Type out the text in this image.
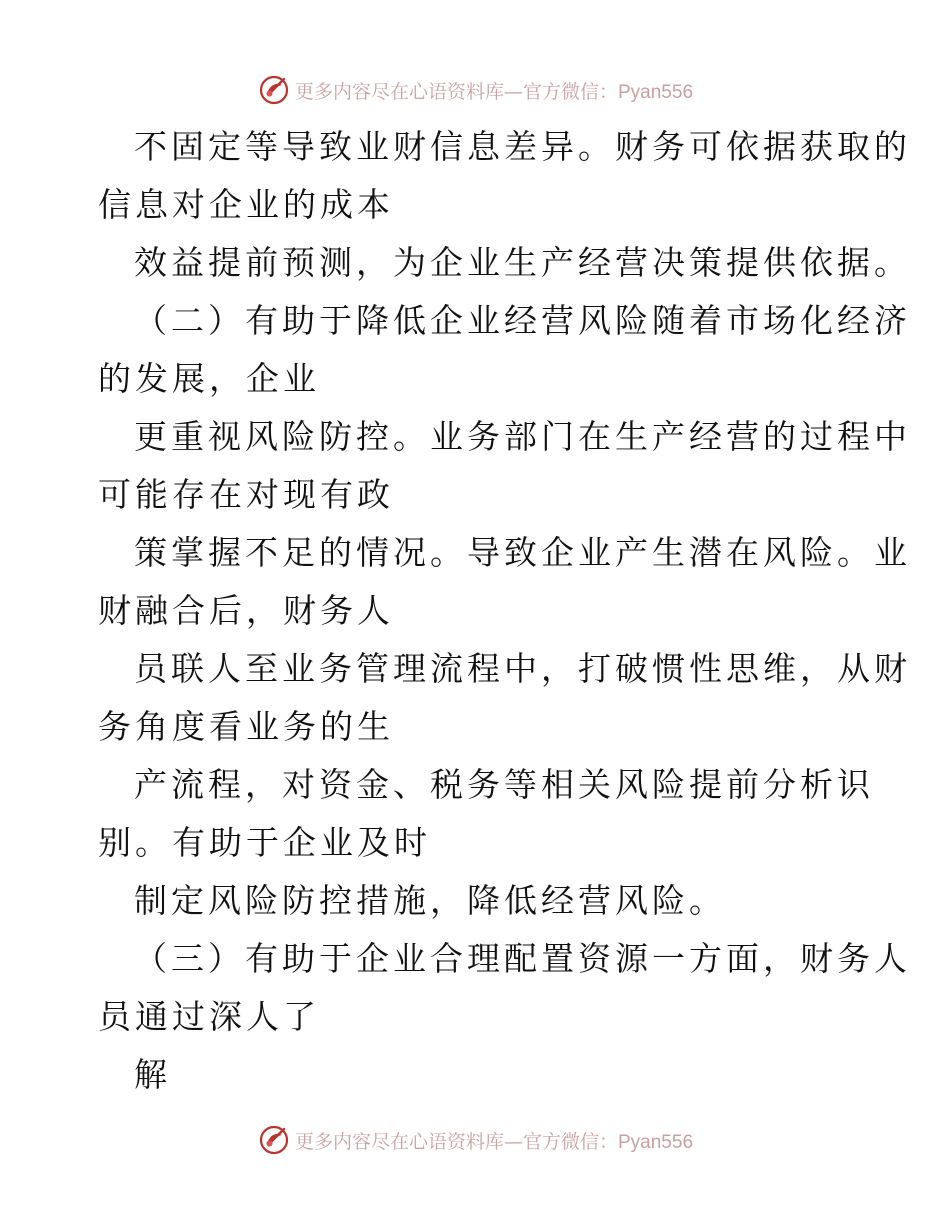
更多内容尽在心语资料库—官方微信：Pyan556
不固定等导致业财信息差异。财务可依据获取的
信息对企业的成本
效益提前预测，为企业生产经营决策提供依据。
（二）有助于降低企业经营风险随着市场化经济
的发展，企业
更重视风险防控。业务部门在生产经营的过程中
可能存在对现有政
策掌握不足的情况。导致企业产生潜在风险。业
财融合后，财务人
员联人至业务管理流程中，打破惯性思维，从财
务角度看业务的生
产流程，对资金、税务等相关风险提前分析识
别。有助于企业及时
制定风险防控措施，降低经营风险。
（三）有助于企业合理配置资源一方面，财务人
员通过深人了
解
更多内容尽在心语资料库—官方微信：Pyan556
